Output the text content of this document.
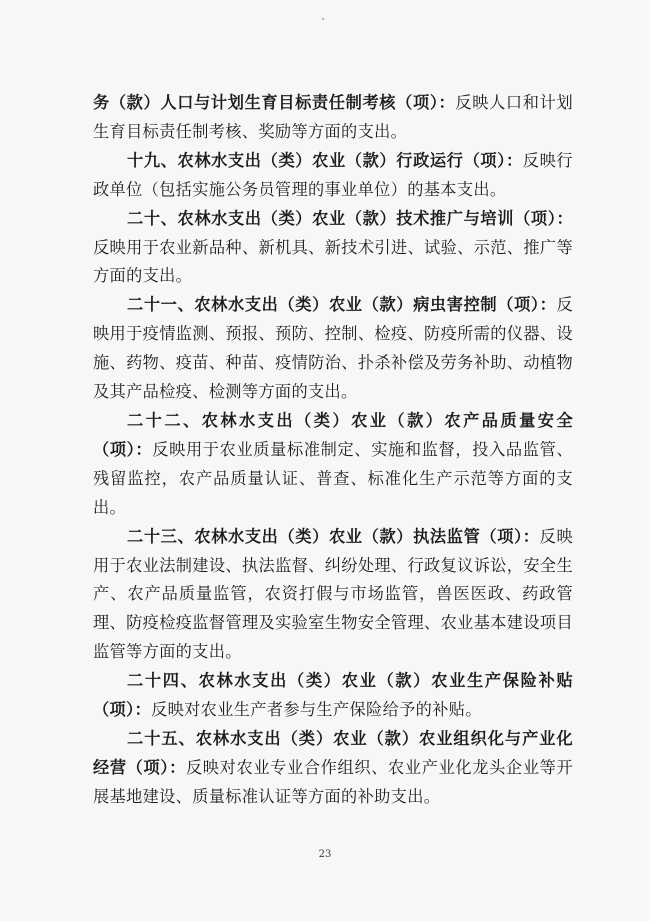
务（款）人口与计划生育目标责任制考核（项）：反映人口和计划生育目标责任制考核、奖励等方面的支出。

十九、农林水支出（类）农业（款）行政运行（项）：反映行政单位（包括实施公务员管理的事业单位）的基本支出。

二十、农林水支出（类）农业（款）技术推广与培训（项）：反映用于农业新品种、新机具、新技术引进、试验、示范、推广等方面的支出。

二十一、农林水支出（类）农业（款）病虫害控制（项）：反映用于疫情监测、预报、预防、控制、检疫、防疫所需的仪器、设施、药物、疫苗、种苗、疫情防治、扑杀补偿及劳务补助、动植物及其产品检疫、检测等方面的支出。

二十二、农林水支出（类）农业（款）农产品质量安全（项）：反映用于农业质量标准制定、实施和监督，投入品监管、残留监控，农产品质量认证、普查、标准化生产示范等方面的支出。

二十三、农林水支出（类）农业（款）执法监管（项）：反映用于农业法制建设、执法监督、纠纷处理、行政复议诉讼，安全生产、农产品质量监管，农资打假与市场监管，兽医医政、药政管理、防疫检疫监督管理及实验室生物安全管理、农业基本建设项目监管等方面的支出。

二十四、农林水支出（类）农业（款）农业生产保险补贴（项）：反映对农业生产者参与生产保险给予的补贴。

二十五、农林水支出（类）农业（款）农业组织化与产业化经营（项）：反映对农业专业合作组织、农业产业化龙头企业等开展基地建设、质量标准认证等方面的补助支出。

23
